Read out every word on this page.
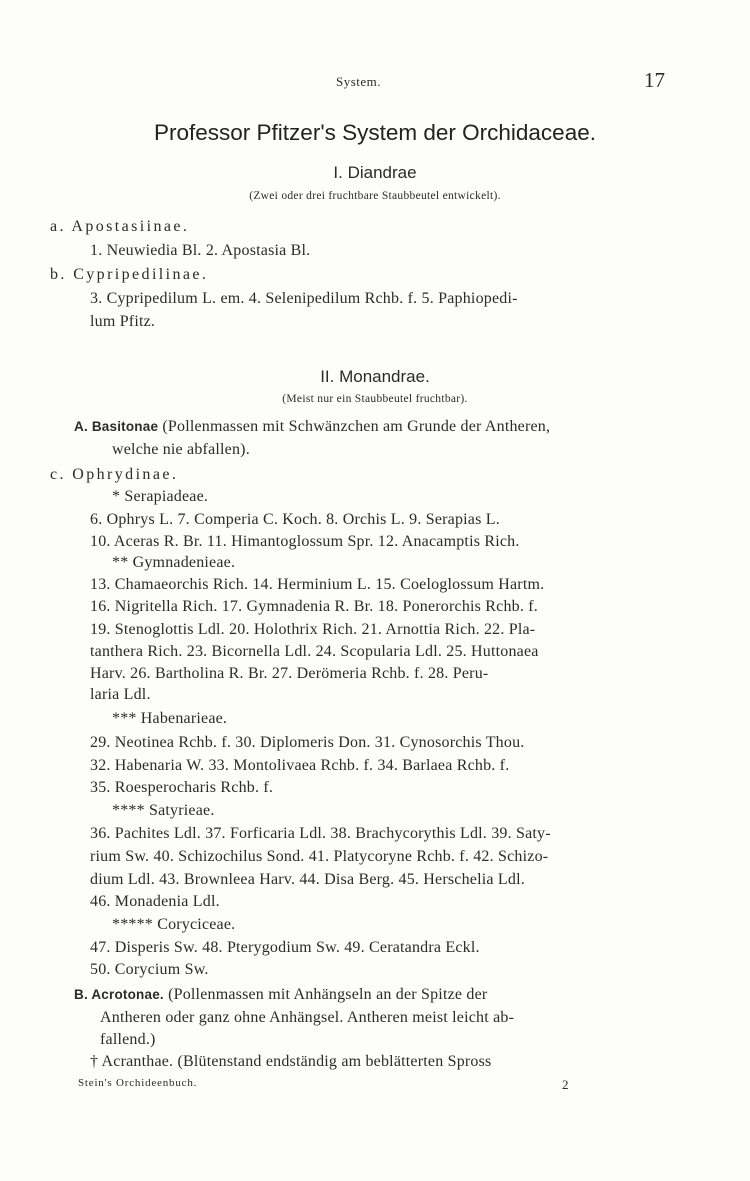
System.	17
Professor Pfitzer's System der Orchidaceae.
I. Diandrae
(Zwei oder drei fruchtbare Staubbeutel entwickelt).
a. Apostasiinae.
1. Neuwiedia Bl. 2. Apostasia Bl.
b. Cypripedilinae.
3. Cypripedilum L. em. 4. Selenipedilum Rchb. f. 5. Paphiopedi-
lum Pfitz.
II. Monandrae.
(Meist nur ein Staubbeutel fruchtbar).
A. Basitonae (Pollenmassen mit Schwänzchen am Grunde der Antheren,
welche nie abfallen).
c. Ophrydinae.
* Serapiadeae.
6. Ophrys L. 7. Comperia C. Koch. 8. Orchis L. 9. Serapias L.
10. Aceras R. Br. 11. Himantoglossum Spr. 12. Anacamptis Rich.
** Gymnadenieae.
13. Chamaeorchis Rich. 14. Herminium L. 15. Coeloglossum Hartm.
16. Nigritella Rich. 17. Gymnadenia R. Br. 18. Ponerorchis Rchb. f.
19. Stenoglottis Ldl. 20. Holothrix Rich. 21. Arnottia Rich. 22. Pla-
tanthera Rich. 23. Bicornella Ldl. 24. Scopularia Ldl. 25. Huttonaea
Harv. 26. Bartholina R. Br. 27. Derömeria Rchb. f. 28. Peru-
laria Ldl.
*** Habenarieae.
29. Neotinea Rchb. f. 30. Diplomeris Don. 31. Cynosorchis Thou.
32. Habenaria W. 33. Montolivaea Rchb. f. 34. Barlaea Rchb. f.
35. Roesperocharis Rchb. f.
**** Satyrieae.
36. Pachites Ldl. 37. Forficaria Ldl. 38. Brachycorythis Ldl. 39. Saty-
rium Sw. 40. Schizochilus Sond. 41. Platycoryne Rchb. f. 42. Schizo-
dium Ldl. 43. Brownleea Harv. 44. Disa Berg. 45. Herschelia Ldl.
46. Monadenia Ldl.
***** Coryciceae.
47. Disperis Sw. 48. Pterygodium Sw. 49. Ceratandra Eckl.
50. Corycium Sw.
B. Acrotonae. (Pollenmassen mit Anhängseln an der Spitze der
Antheren oder ganz ohne Anhängsel. Antheren meist leicht ab-
fallend.)
† Acranthae. (Blütenstand endständig am beblätterten Spross
Stein's Orchideenbuch.	2
